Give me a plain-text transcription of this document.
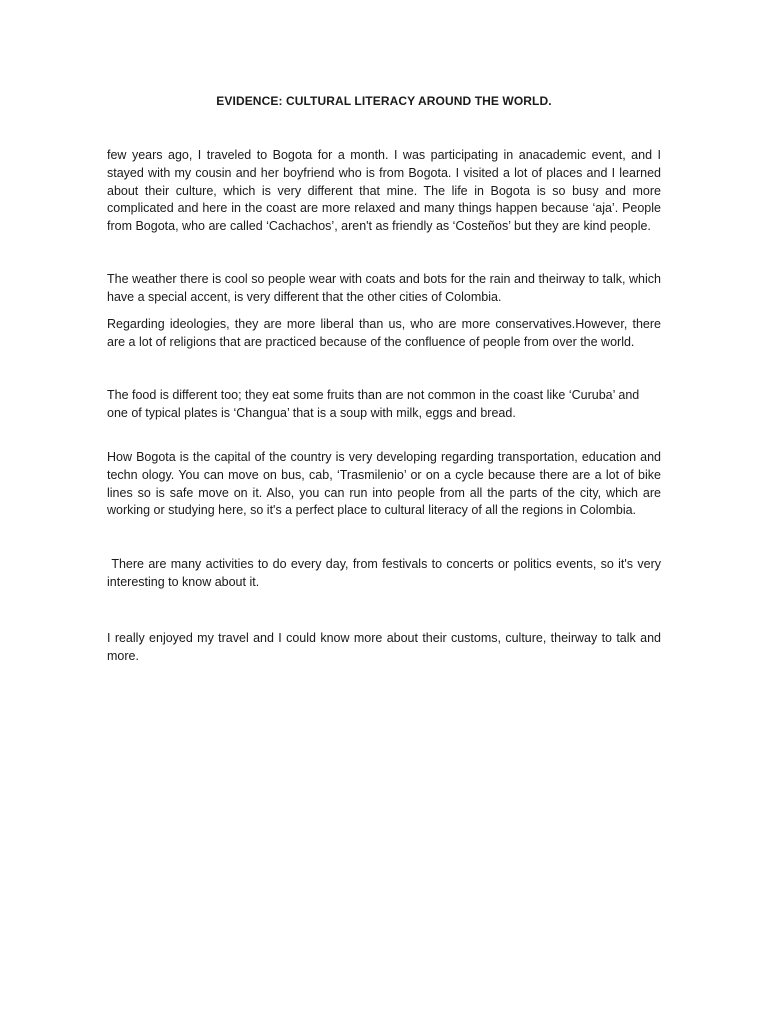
EVIDENCE: CULTURAL LITERACY AROUND THE WORLD.

few years ago, I traveled to Bogota for a month. I was participating in anacademic event, and I stayed with my cousin and her boyfriend who is from Bogota. I visited a lot of places and I learned about their culture, which is very different that mine. The life in Bogota is so busy and more complicated and here in the coast are more relaxed and many things happen because ‘aja’. People from Bogota, who are called ‘Cachachos’, aren't as friendly as ‘Costeños’ but they are kind people.

The weather there is cool so people wear with coats and bots for the rain and theirway to talk, which have a special accent, is very different that the other cities of Colombia.

Regarding ideologies, they are more liberal than us, who are more conservatives.However, there are a lot of religions that are practiced because of the confluence of people from over the world.

The food is different too; they eat some fruits than are not common in the coast like ‘Curuba’ and one of typical plates is ‘Changua’ that is a soup with milk, eggs and bread.

How Bogota is the capital of the country is very developing regarding transportation, education and techn ology. You can move on bus, cab, ‘Trasmilenio’ or on a cycle because there are a lot of bike lines so is safe move on it. Also, you can run into people from all the parts of the city, which are working or studying here, so it's a perfect place to cultural literacy of all the regions in Colombia.

There are many activities to do every day, from festivals to concerts or politics events, so it's very interesting to know about it.

I really enjoyed my travel and I could know more about their customs, culture, theirway to talk and more.
